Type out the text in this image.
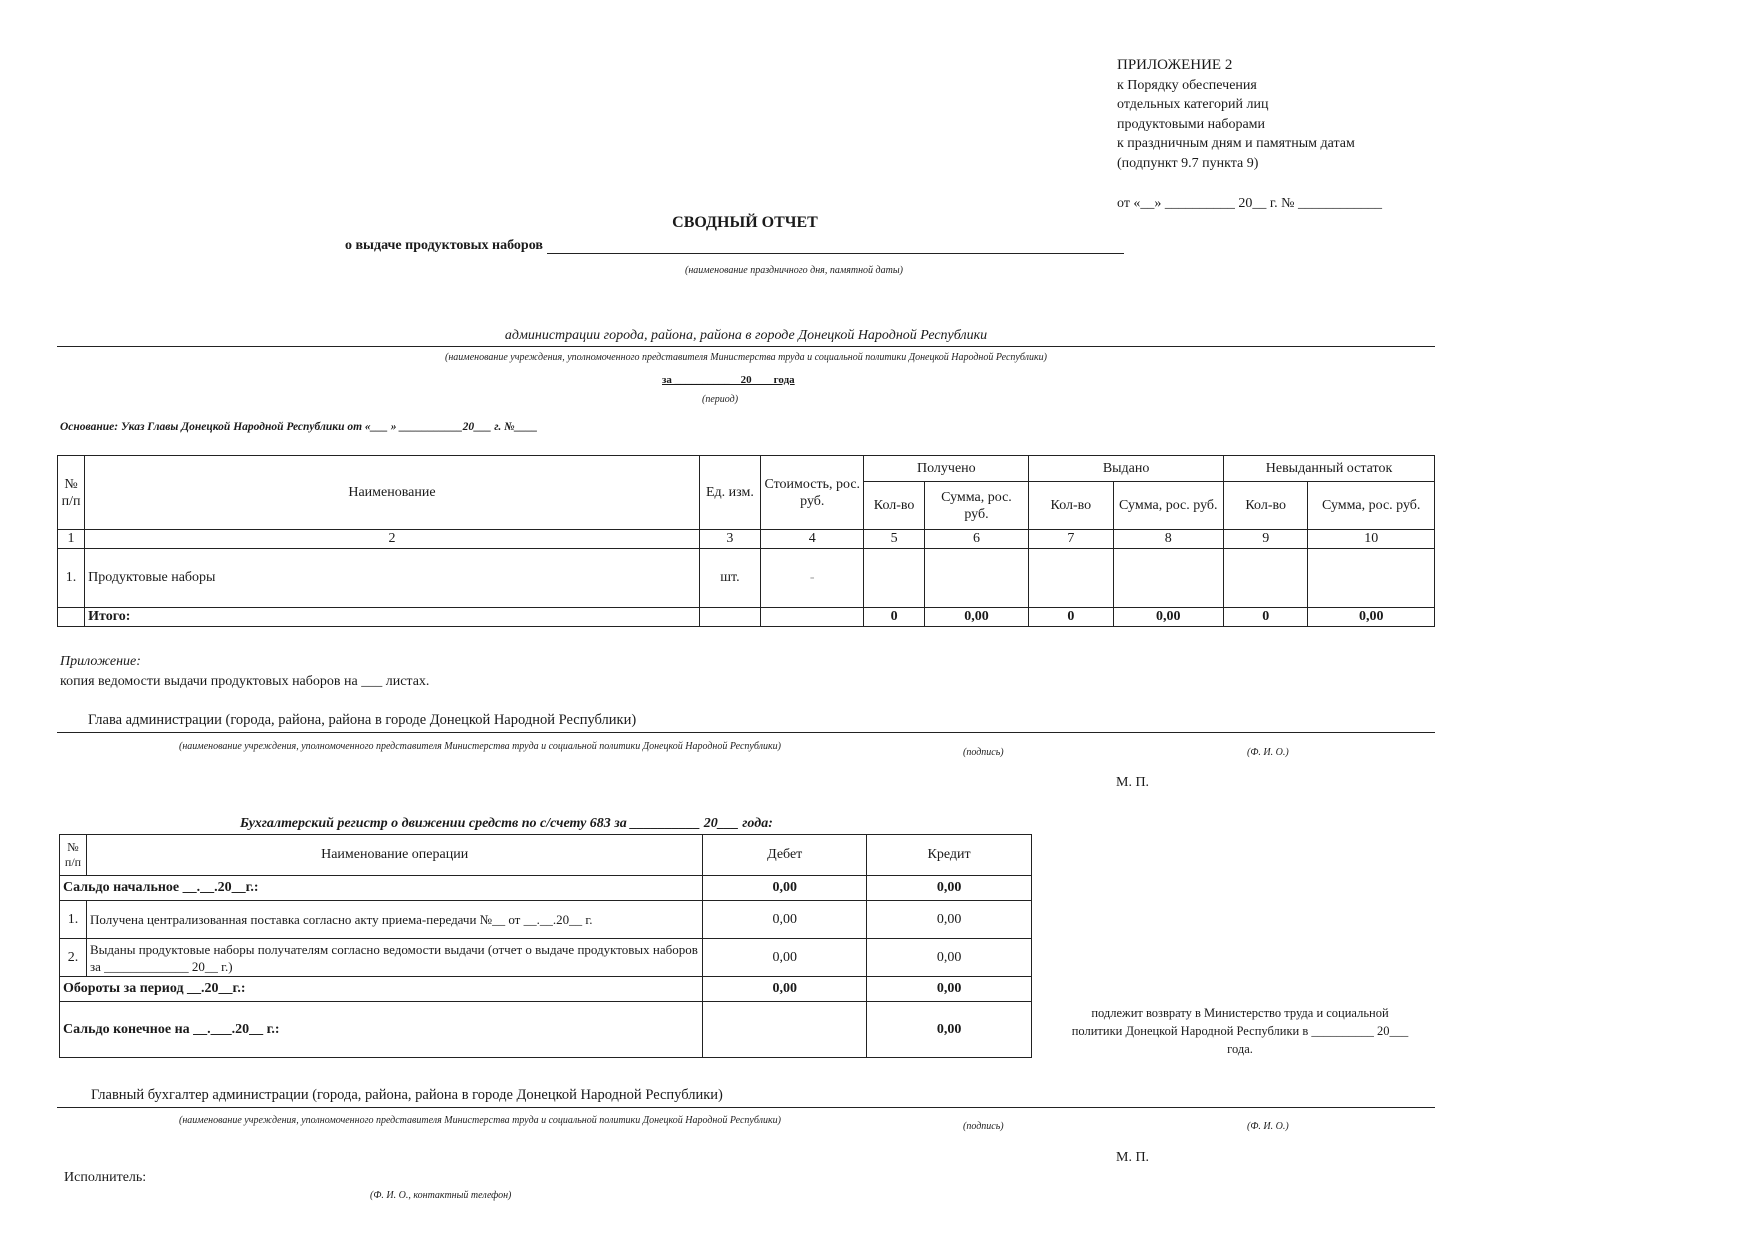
ПРИЛОЖЕНИЕ 2
к Порядку обеспечения
отдельных категорий лиц
продуктовыми наборами
к праздничным дням и памятным датам
(подпункт 9.7 пункта 9)
от «__» __________ 20__ г. № ____________
СВОДНЫЙ ОТЧЕТ
о выдаче продуктовых наборов
(наименование праздничного дня, памятной даты)
администрации города, района, района в городе Донецкой Народной Республики
(наименование учреждения, уполномоченного представителя Министерства труда и социальной политики Донецкой Народной Республики)
за __________    20        года
(период)
Основание: Указ Главы Донецкой Народной Республики от «___ » ___________20___ г. №____
№ п/п	Наименование	Ед. изм.	Стоимость, рос. руб.	Получено		Выдано		Невыданный остаток	
				Кол-во	Сумма, рос. руб.	Кол-во	Сумма, рос. руб.	Кол-во	Сумма, рос. руб.
1	2	3	4	5	6	7	8	9	10
1.	Продуктовые наборы	шт.	-						
	Итого:			0	0,00	0	0,00	0	0,00
Приложение:
копия ведомости выдачи продуктовых наборов на ___ листах.
Глава администрации (города, района, района в городе Донецкой Народной Республики)
(наименование учреждения, уполномоченного представителя Министерства труда и социальной политики Донецкой Народной Республики)
(подпись)	(Ф. И. О.)
М. П.
Бухгалтерский регистр о движении средств по с/счету 683 за __________ 20___ года:
№ п/п	Наименование операции	Дебет	Кредит
Сальдо начальное __.__.20__г.:		0,00	0,00
1.	Получена централизованная поставка согласно акту приема-передачи №__ от __.__.20__ г.	0,00	0,00
2.	Выданы продуктовые наборы получателям согласно ведомости выдачи (отчет о выдаче продуктовых наборов за _____________ 20__ г.)	0,00	0,00
Обороты за период __.20__г.:		0,00	0,00
Сальдо конечное на __.___.20__ г.:			0,00
подлежит возврату в Министерство труда и социальной
политики Донецкой Народной Республики в __________ 20___
года.
Главный бухгалтер администрации (города, района, района в городе Донецкой Народной Республики)
(наименование учреждения, уполномоченного представителя Министерства труда и социальной политики Донецкой Народной Республики)
(подпись)	(Ф. И. О.)
М. П.
Исполнитель:
(Ф. И. О., контактный телефон)
